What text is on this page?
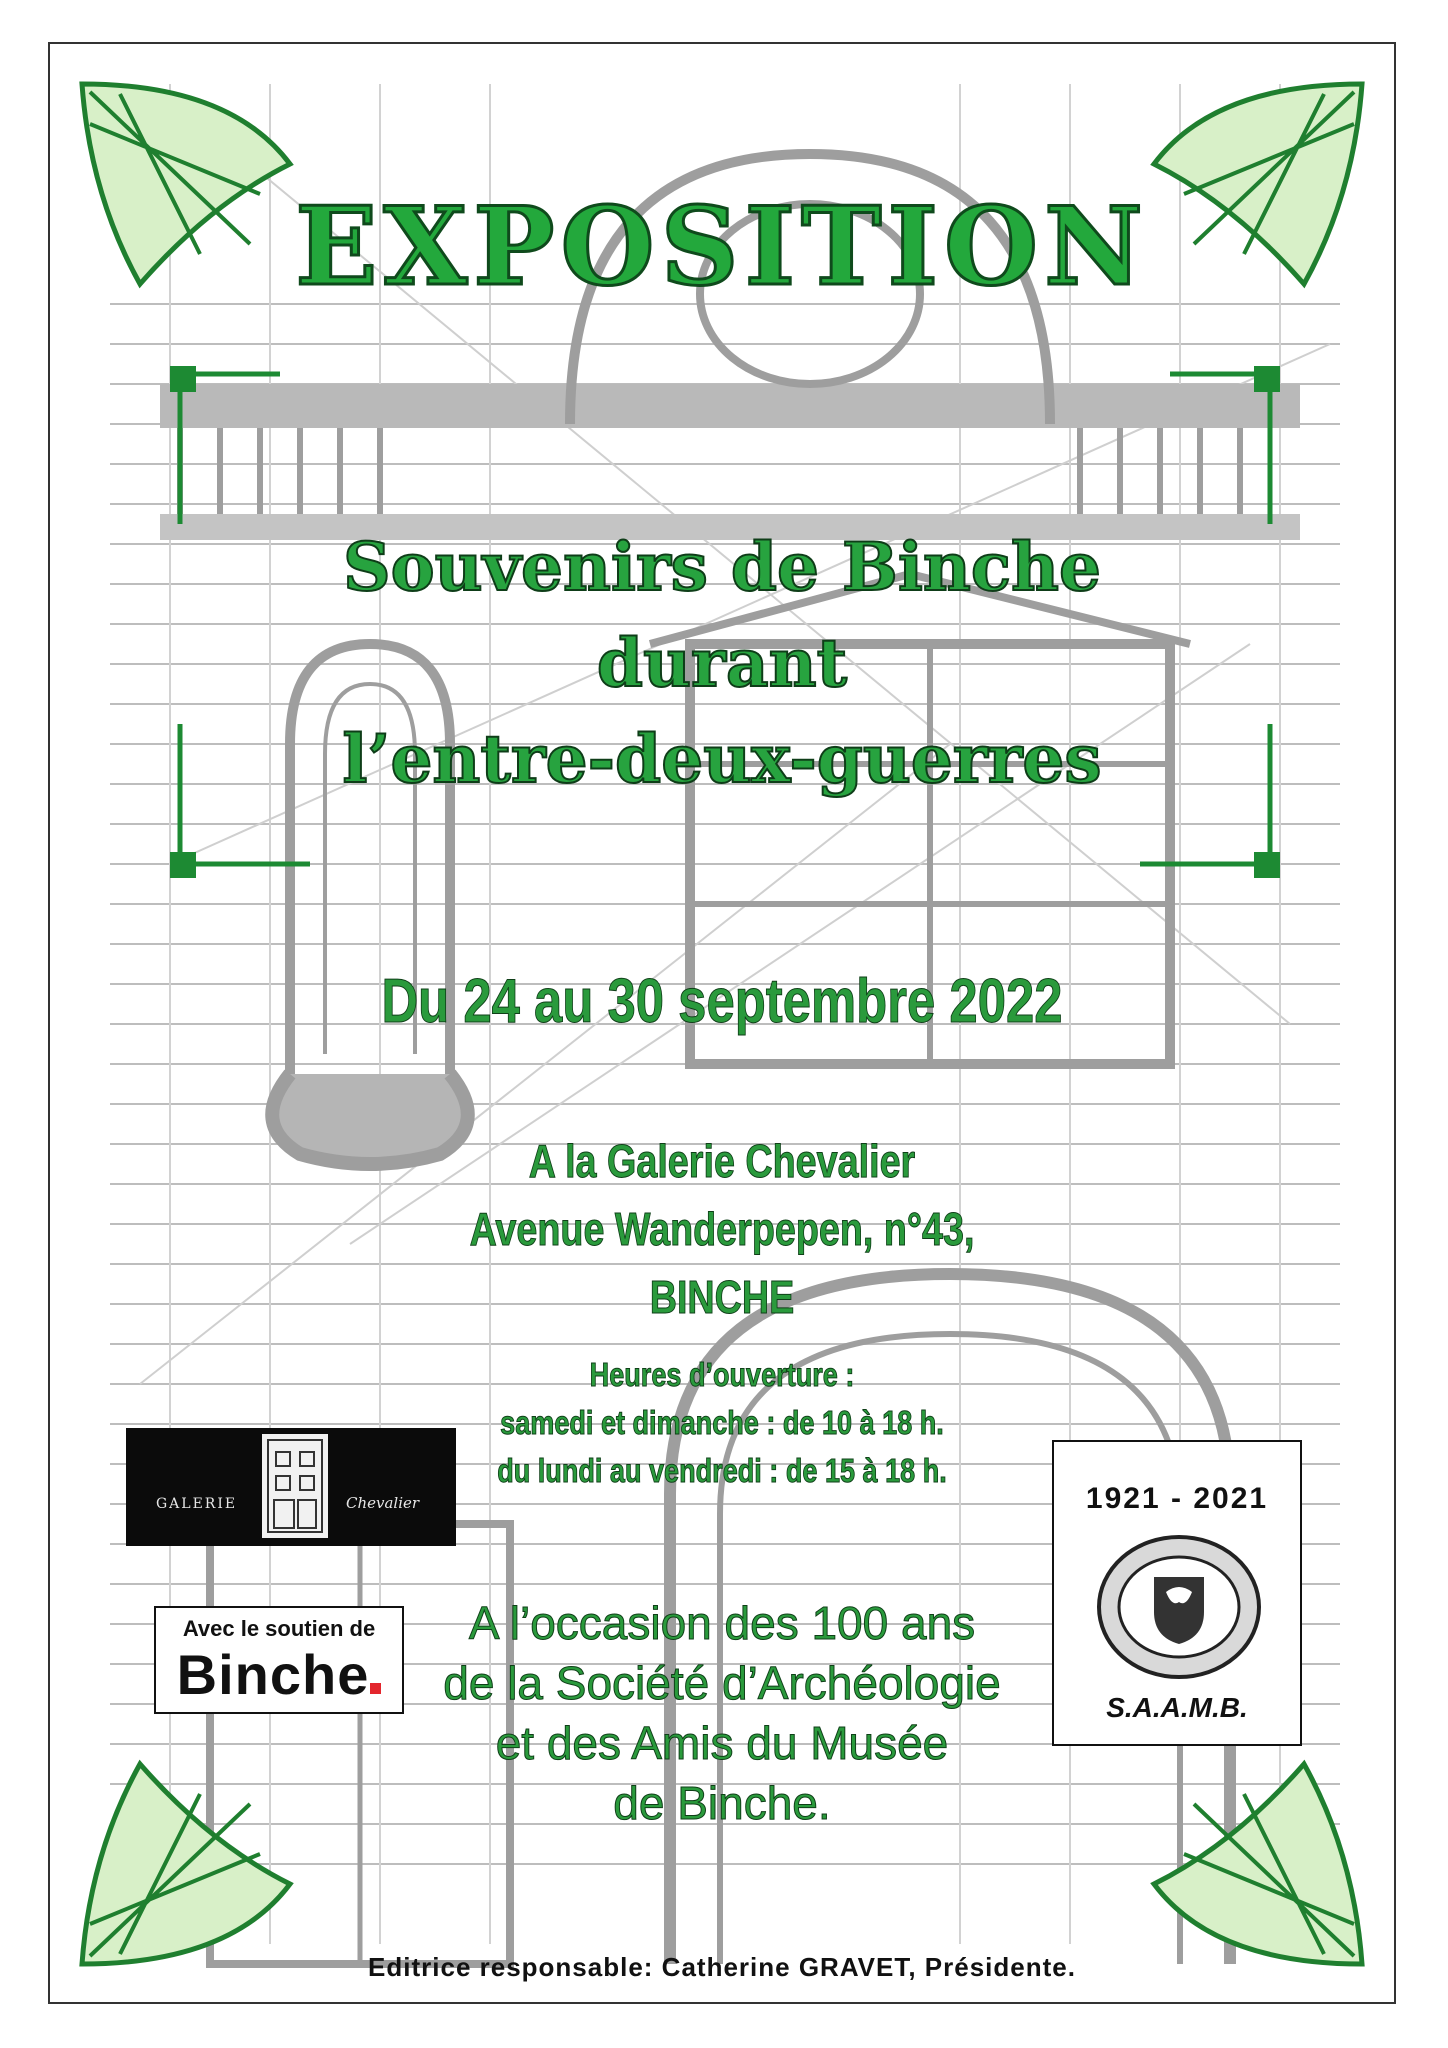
EXPOSITION
Souvenirs de Binche
durant
l’entre-deux-guerres
Du 24 au 30 septembre 2022
A la Galerie Chevalier
Avenue Wanderpepen, n°43,
BINCHE
Heures d’ouverture :
samedi et dimanche : de 10 à 18 h.
du lundi au vendredi : de 15 à 18 h.
A l’occasion des 100 ans
de la Société d’Archéologie
et des Amis du Musée
de Binche.
GALERIE	Chevalier
Avec le soutien de
Binche
1921 - 2021
S.A.A.M.B.
Editrice responsable: Catherine GRAVET, Présidente.
